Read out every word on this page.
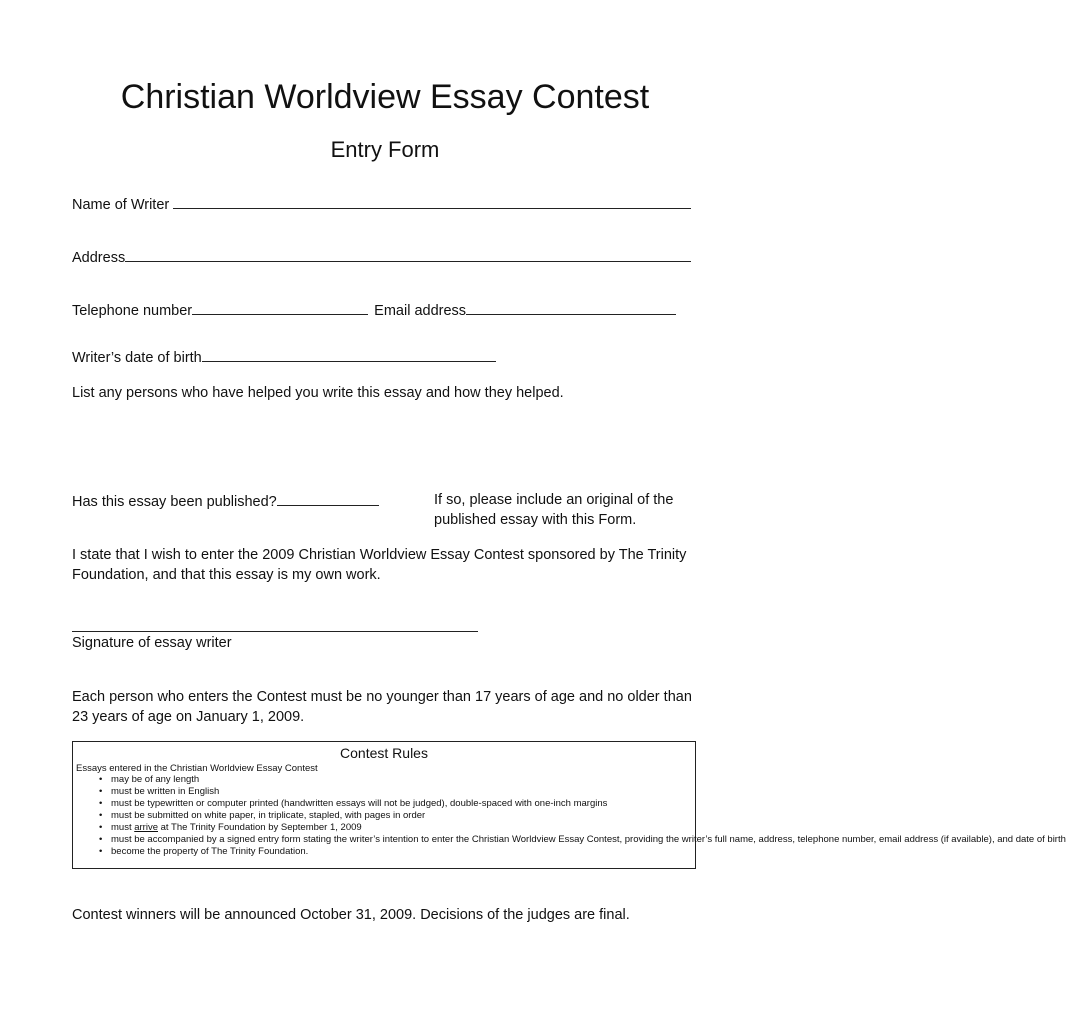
Christian Worldview Essay Contest
Entry Form
Name of Writer
Address
Telephone number	Email address
Writer’s date of birth
List any persons who have helped you write this essay and how they helped.
Has this essay been published?	If so, please include an original of the published essay with this Form.
I state that I wish to enter the 2009 Christian Worldview Essay Contest sponsored by The Trinity Foundation, and that this essay is my own work.
Signature of essay writer
Each person who enters the Contest must be no younger than 17 years of age and no older than 23 years of age on January 1, 2009.
Contest Rules
Essays entered in the Christian Worldview Essay Contest
• may be of any length
• must be written in English
• must be typewritten or computer printed (handwritten essays will not be judged), double-spaced with one-inch margins
• must be submitted on white paper, in triplicate, stapled, with pages in order
• must arrive at The Trinity Foundation by September 1, 2009
• must be accompanied by a signed entry form stating the writer’s intention to enter the Christian Worldview Essay Contest, providing the writer’s full name, address, telephone number, email address (if available), and date of birth
• become the property of The Trinity Foundation.
Contest winners will be announced October 31, 2009. Decisions of the judges are final.
